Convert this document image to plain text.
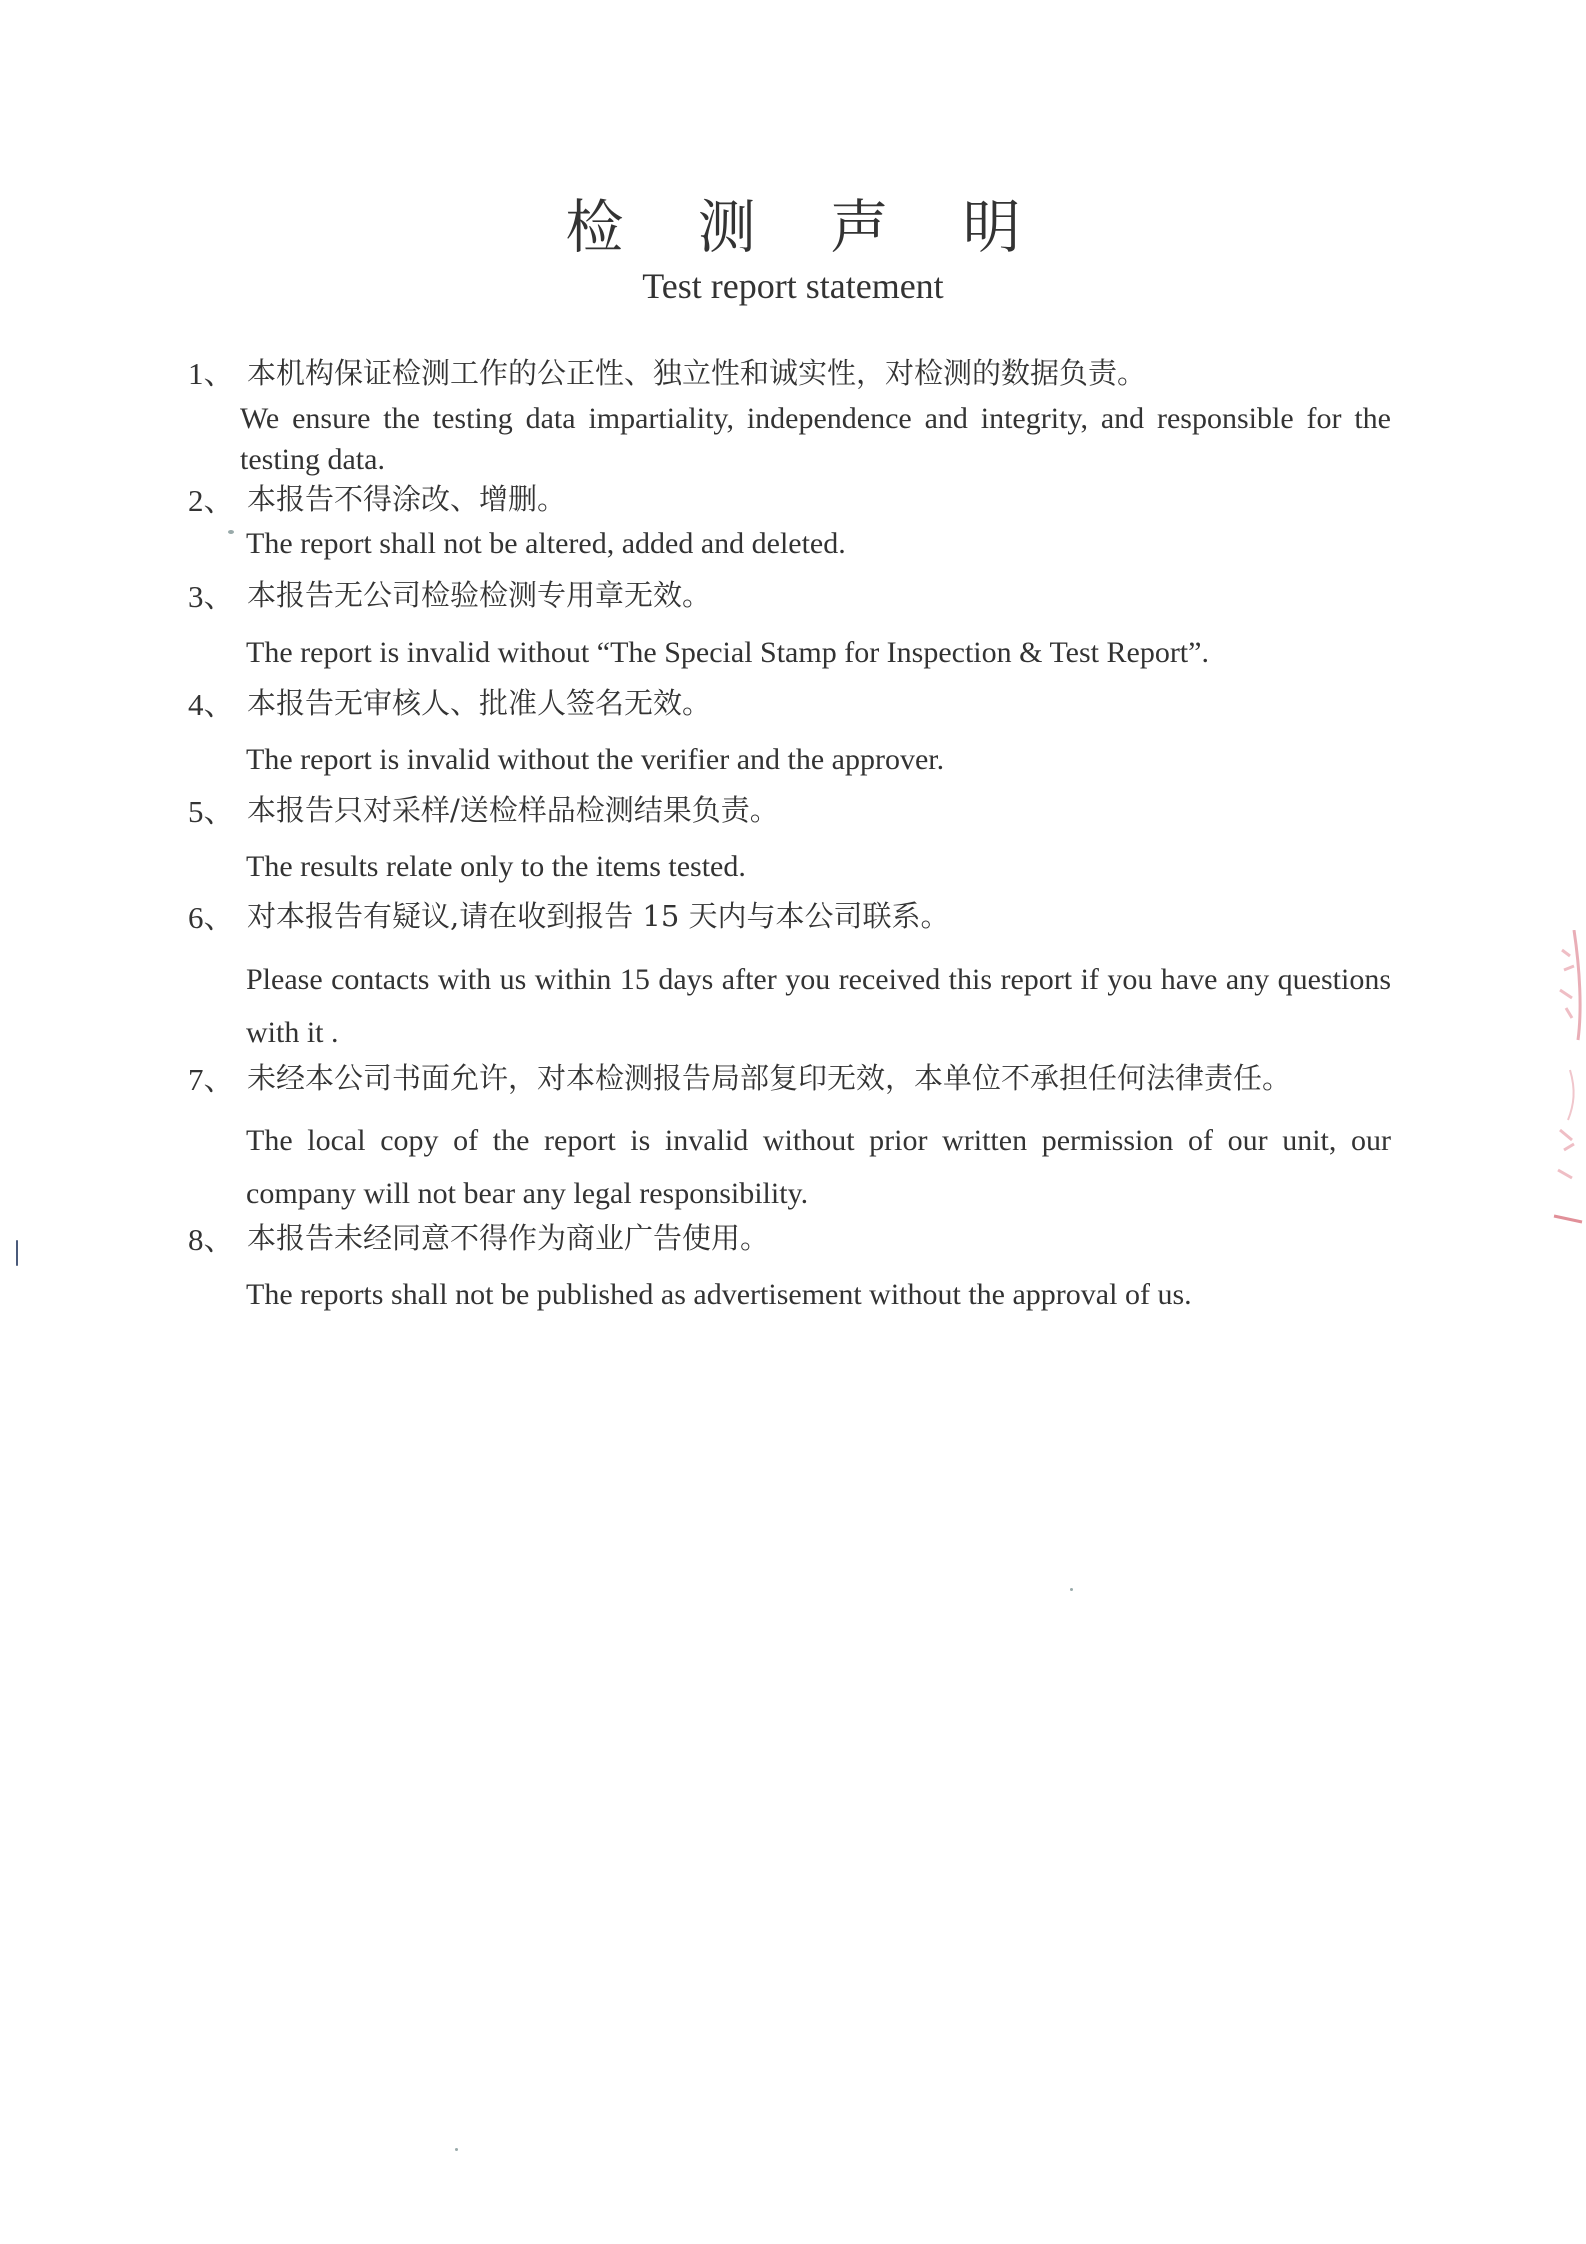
检 测 声 明
Test report statement
1、 本机构保证检测工作的公正性、独立性和诚实性，对检测的数据负责。
We ensure the testing data impartiality, independence and integrity, and responsible for the testing data.
2、 本报告不得涂改、增删。
The report shall not be altered, added and deleted.
3、 本报告无公司检验检测专用章无效。
The report is invalid without “The Special Stamp for Inspection & Test Report”.
4、 本报告无审核人、批准人签名无效。
The report is invalid without the verifier and the approver.
5、 本报告只对采样/送检样品检测结果负责。
The results relate only to the items tested.
6、 对本报告有疑议,请在收到报告 15 天内与本公司联系。
Please contacts with us within 15 days after you received this report if you have any questions with it .
7、 未经本公司书面允许，对本检测报告局部复印无效，本单位不承担任何法律责任。
The local copy of the report is invalid without prior written permission of our unit, our company will not bear any legal responsibility.
8、 本报告未经同意不得作为商业广告使用。
The reports shall not be published as advertisement without the approval of us.
